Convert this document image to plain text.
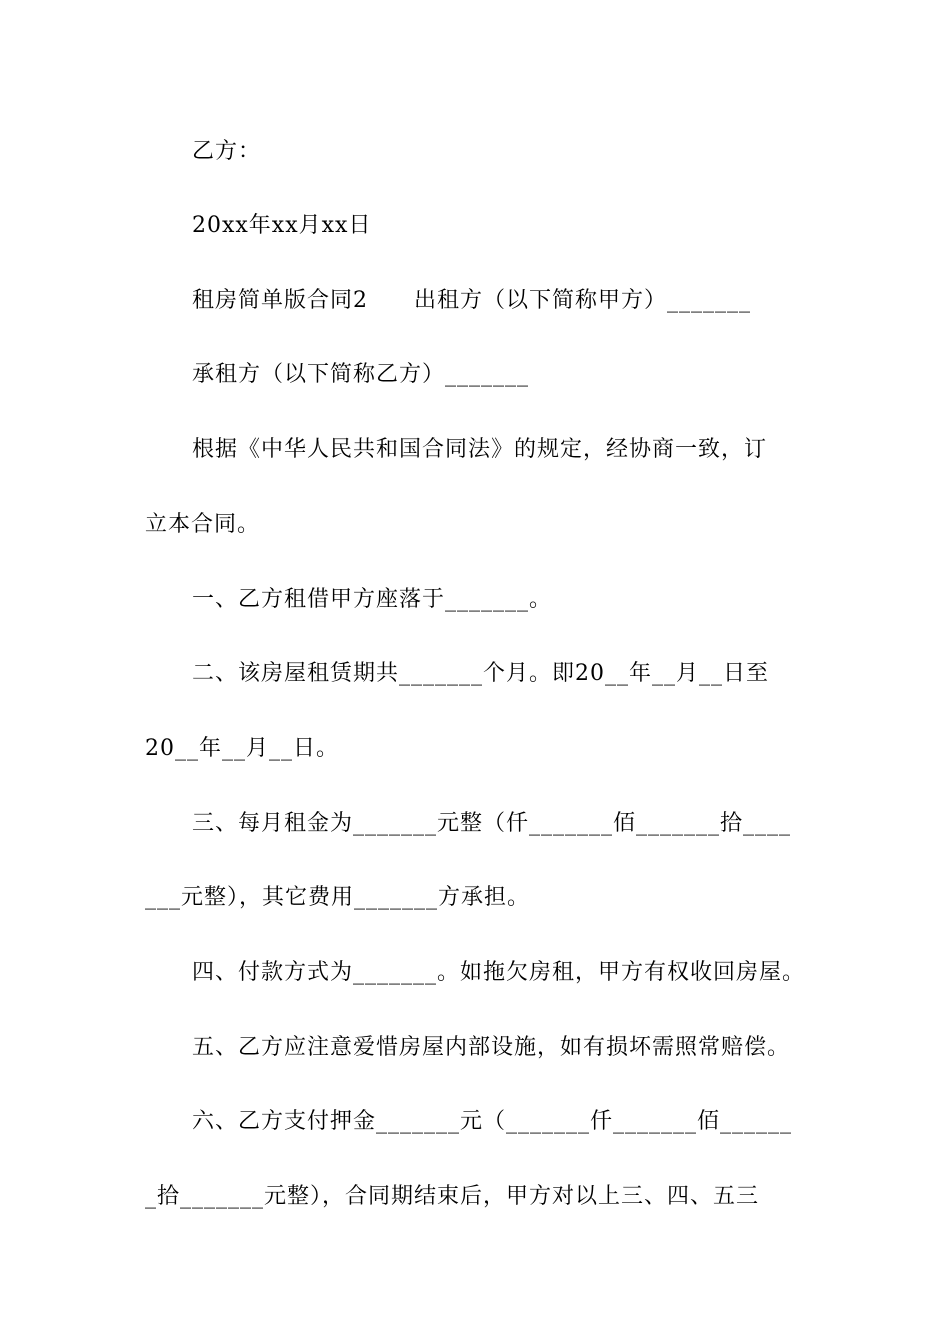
乙方：
20xx年xx月xx日
租房简单版合同2　　出租方（以下简称甲方）_______
承租方（以下简称乙方）_______
根据《中华人民共和国合同法》的规定，经协商一致，订
立本合同。
一、乙方租借甲方座落于_______。
二、该房屋租赁期共_______个月。即20__年__月__日至
20__年__月__日。
三、每月租金为_______元整（仟_______佰_______拾____
___元整），其它费用_______方承担。
四、付款方式为_______。如拖欠房租，甲方有权收回房屋。
五、乙方应注意爱惜房屋内部设施，如有损坏需照常赔偿。
六、乙方支付押金_______元（_______仟_______佰______
_拾_______元整），合同期结束后，甲方对以上三、四、五三
